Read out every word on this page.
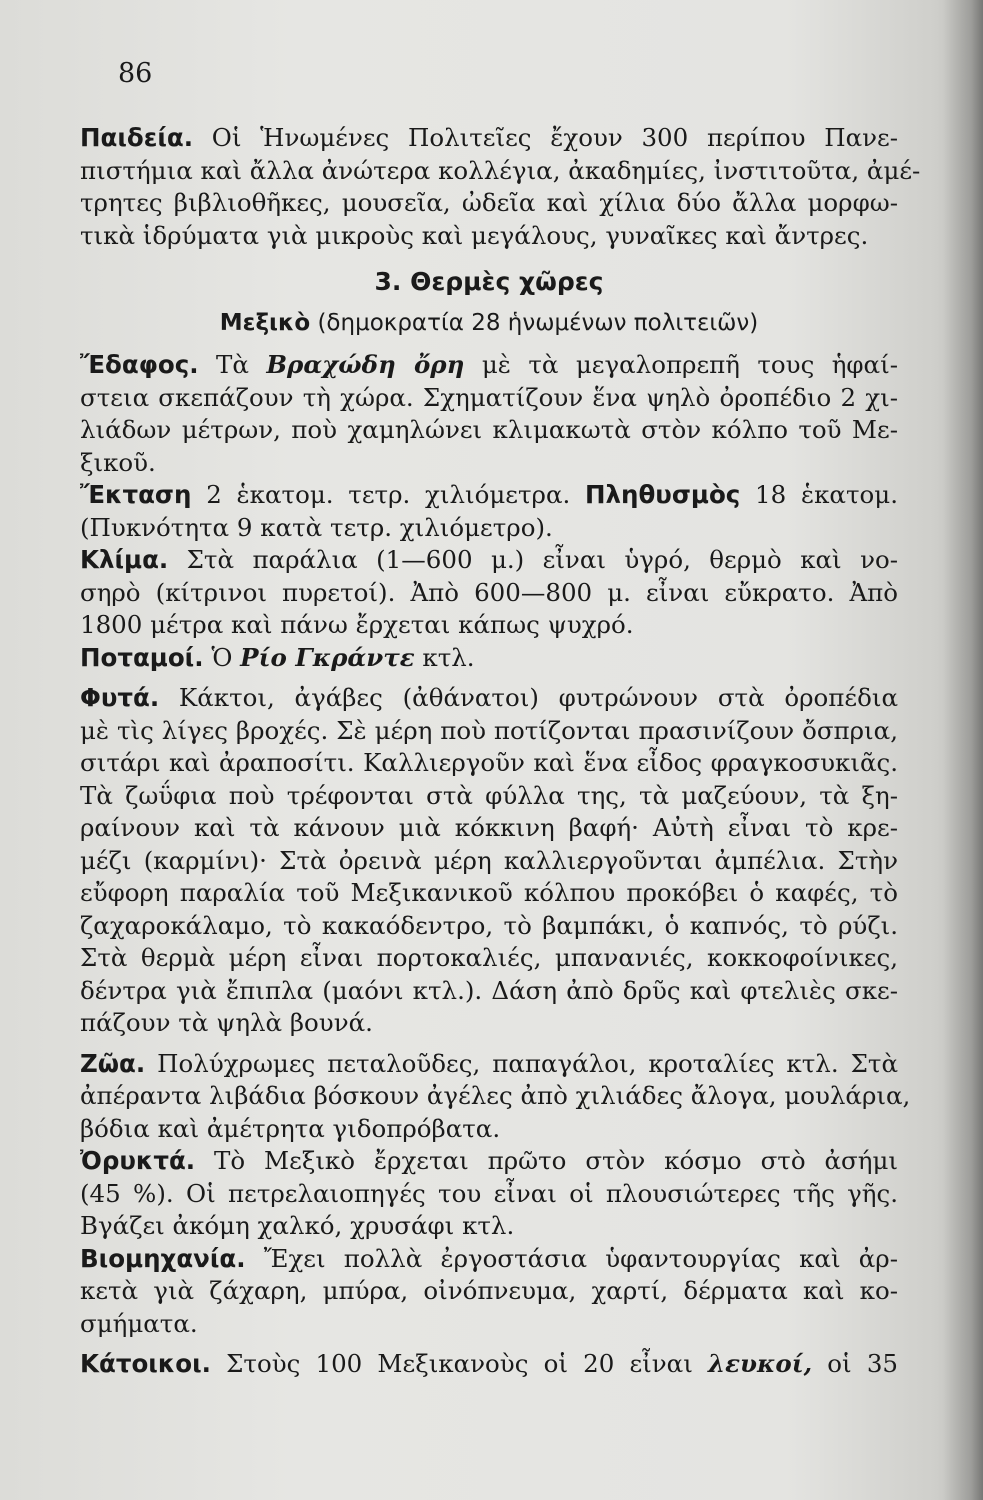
86
Παιδεία. Οἱ Ἡνωμένες Πολιτεῖες ἔχουν 300 περίπου Πανε-
πιστήμια καὶ ἄλλα ἀνώτερα κολλέγια, ἀκαδημίες, ἰνστιτοῦτα, ἀμέ-
τρητες βιβλιοθῆκες, μουσεῖα, ὠδεῖα καὶ χίλια δύο ἄλλα μορφω-
τικὰ ἱδρύματα γιὰ μικροὺς καὶ μεγάλους, γυναῖκες καὶ ἄντρες.
3. Θερμὲς χῶρες
Μεξικὸ (δημοκρατία 28 ἡνωμένων πολιτειῶν)
Ἔδαφος. Τὰ Βραχώδη ὄρη μὲ τὰ μεγαλοπρεπῆ τους ἡφαί-
στεια σκεπάζουν τὴ χώρα. Σχηματίζουν ἕνα ψηλὸ ὀροπέδιο 2 χι-
λιάδων μέτρων, ποὺ χαμηλώνει κλιμακωτὰ στὸν κόλπο τοῦ Με-
ξικοῦ.
Ἔκταση 2 ἑκατομ. τετρ. χιλιόμετρα. Πληθυσμὸς 18 ἑκατομ.
(Πυκνότητα 9 κατὰ τετρ. χιλιόμετρο).
Κλίμα. Στὰ παράλια (1—600 μ.) εἶναι ὑγρό, θερμὸ καὶ νο-
σηρὸ (κίτρινοι πυρετοί). Ἀπὸ 600—800 μ. εἶναι εὔκρατο. Ἀπὸ
1800 μέτρα καὶ πάνω ἔρχεται κάπως ψυχρό.
Ποταμοί. Ὁ Ρίο Γκράντε κτλ.
Φυτά. Κάκτοι, ἀγάβες (ἀθάνατοι) φυτρώνουν στὰ ὀροπέδια
μὲ τὶς λίγες βροχές. Σὲ μέρη ποὺ ποτίζονται πρασινίζουν ὄσπρια,
σιτάρι καὶ ἀραποσίτι. Καλλιεργοῦν καὶ ἕνα εἶδος φραγκοσυκιᾶς.
Τὰ ζωΰφια ποὺ τρέφονται στὰ φύλλα της, τὰ μαζεύουν, τὰ ξη-
ραίνουν καὶ τὰ κάνουν μιὰ κόκκινη βαφή· Αὐτὴ εἶναι τὸ κρε-
μέζι (καρμίνι)· Στὰ ὀρεινὰ μέρη καλλιεργοῦνται ἀμπέλια. Στὴν
εὔφορη παραλία τοῦ Μεξικανικοῦ κόλπου προκόβει ὁ καφές, τὸ
ζαχαροκάλαμο, τὸ κακαόδεντρο, τὸ βαμπάκι, ὁ καπνός, τὸ ρύζι.
Στὰ θερμὰ μέρη εἶναι πορτοκαλιές, μπανανιές, κοκκοφοίνικες,
δέντρα γιὰ ἔπιπλα (μαόνι κτλ.). Δάση ἀπὸ δρῦς καὶ φτελιὲς σκε-
πάζουν τὰ ψηλὰ βουνά.
Ζῶα. Πολύχρωμες πεταλοῦδες, παπαγάλοι, κροταλίες κτλ. Στὰ
ἀπέραντα λιβάδια βόσκουν ἀγέλες ἀπὸ χιλιάδες ἄλογα, μουλάρια,
βόδια καὶ ἀμέτρητα γιδοπρόβατα.
Ὀρυκτά. Τὸ Μεξικὸ ἔρχεται πρῶτο στὸν κόσμο στὸ ἀσήμι
(45 %). Οἱ πετρελαιοπηγές του εἶναι οἱ πλουσιώτερες τῆς γῆς.
Βγάζει ἀκόμη χαλκό, χρυσάφι κτλ.
Βιομηχανία. Ἔχει πολλὰ ἐργοστάσια ὑφαντουργίας καὶ ἀρ-
κετὰ γιὰ ζάχαρη, μπύρα, οἰνόπνευμα, χαρτί, δέρματα καὶ κο-
σμήματα.
Κάτοικοι. Στοὺς 100 Μεξικανοὺς οἱ 20 εἶναι λευκοί, οἱ 35
